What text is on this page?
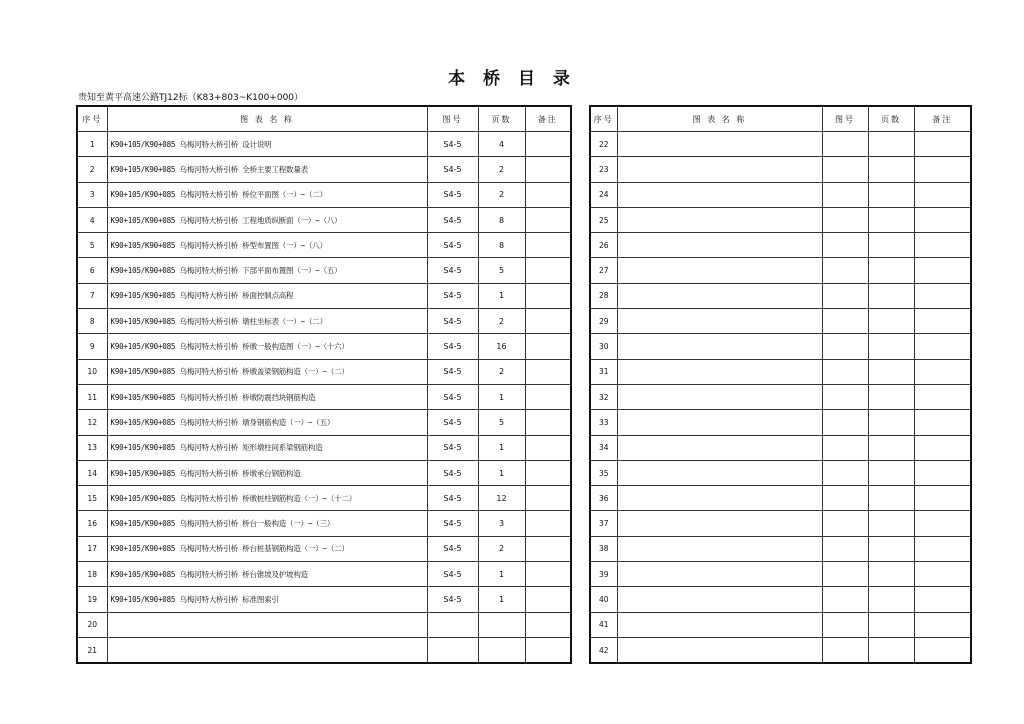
本 桥 目 录
贵知至黄平高速公路TJ12标（K83+803~K100+000）
序号	图 表 名 称	图号	页数	备注
1	K90+105/K90+085 乌梅河特大桥引桥 设计说明	S4-5	4	
2	K90+105/K90+085 乌梅河特大桥引桥 全桥主要工程数量表	S4-5	2	
3	K90+105/K90+085 乌梅河特大桥引桥 桥位平面图（一）~（二）	S4-5	2	
4	K90+105/K90+085 乌梅河特大桥引桥 工程地质纵断面（一）~（八）	S4-5	8	
5	K90+105/K90+085 乌梅河特大桥引桥 桥型布置图（一）~（八）	S4-5	8	
6	K90+105/K90+085 乌梅河特大桥引桥 下部平面布置图（一）~（五）	S4-5	5	
7	K90+105/K90+085 乌梅河特大桥引桥 桥面控制点高程	S4-5	1	
8	K90+105/K90+085 乌梅河特大桥引桥 墩柱坐标表（一）~（二）	S4-5	2	
9	K90+105/K90+085 乌梅河特大桥引桥 桥墩一般构造图（一）~（十六）	S4-5	16	
10	K90+105/K90+085 乌梅河特大桥引桥 桥墩盖梁钢筋构造（一）~（二）	S4-5	2	
11	K90+105/K90+085 乌梅河特大桥引桥 桥墩防震挡块钢筋构造	S4-5	1	
12	K90+105/K90+085 乌梅河特大桥引桥 墩身钢筋构造（一）~（五）	S4-5	5	
13	K90+105/K90+085 乌梅河特大桥引桥 矩形墩柱间系梁钢筋构造	S4-5	1	
14	K90+105/K90+085 乌梅河特大桥引桥 桥墩承台钢筋构造	S4-5	1	
15	K90+105/K90+085 乌梅河特大桥引桥 桥墩桩柱钢筋构造（一）~（十二）	S4-5	12	
16	K90+105/K90+085 乌梅河特大桥引桥 桥台一般构造（一）~（三）	S4-5	3	
17	K90+105/K90+085 乌梅河特大桥引桥 桥台桩基钢筋构造（一）~（二）	S4-5	2	
18	K90+105/K90+085 乌梅河特大桥引桥 桥台锥坡及护坡构造	S4-5	1	
19	K90+105/K90+085 乌梅河特大桥引桥 标准图索引	S4-5	1	
20				
21				
序号	图 表 名 称	图号	页数	备注
22				
23				
24				
25				
26				
27				
28				
29				
30				
31				
32				
33				
34				
35				
36				
37				
38				
39				
40				
41				
42				
